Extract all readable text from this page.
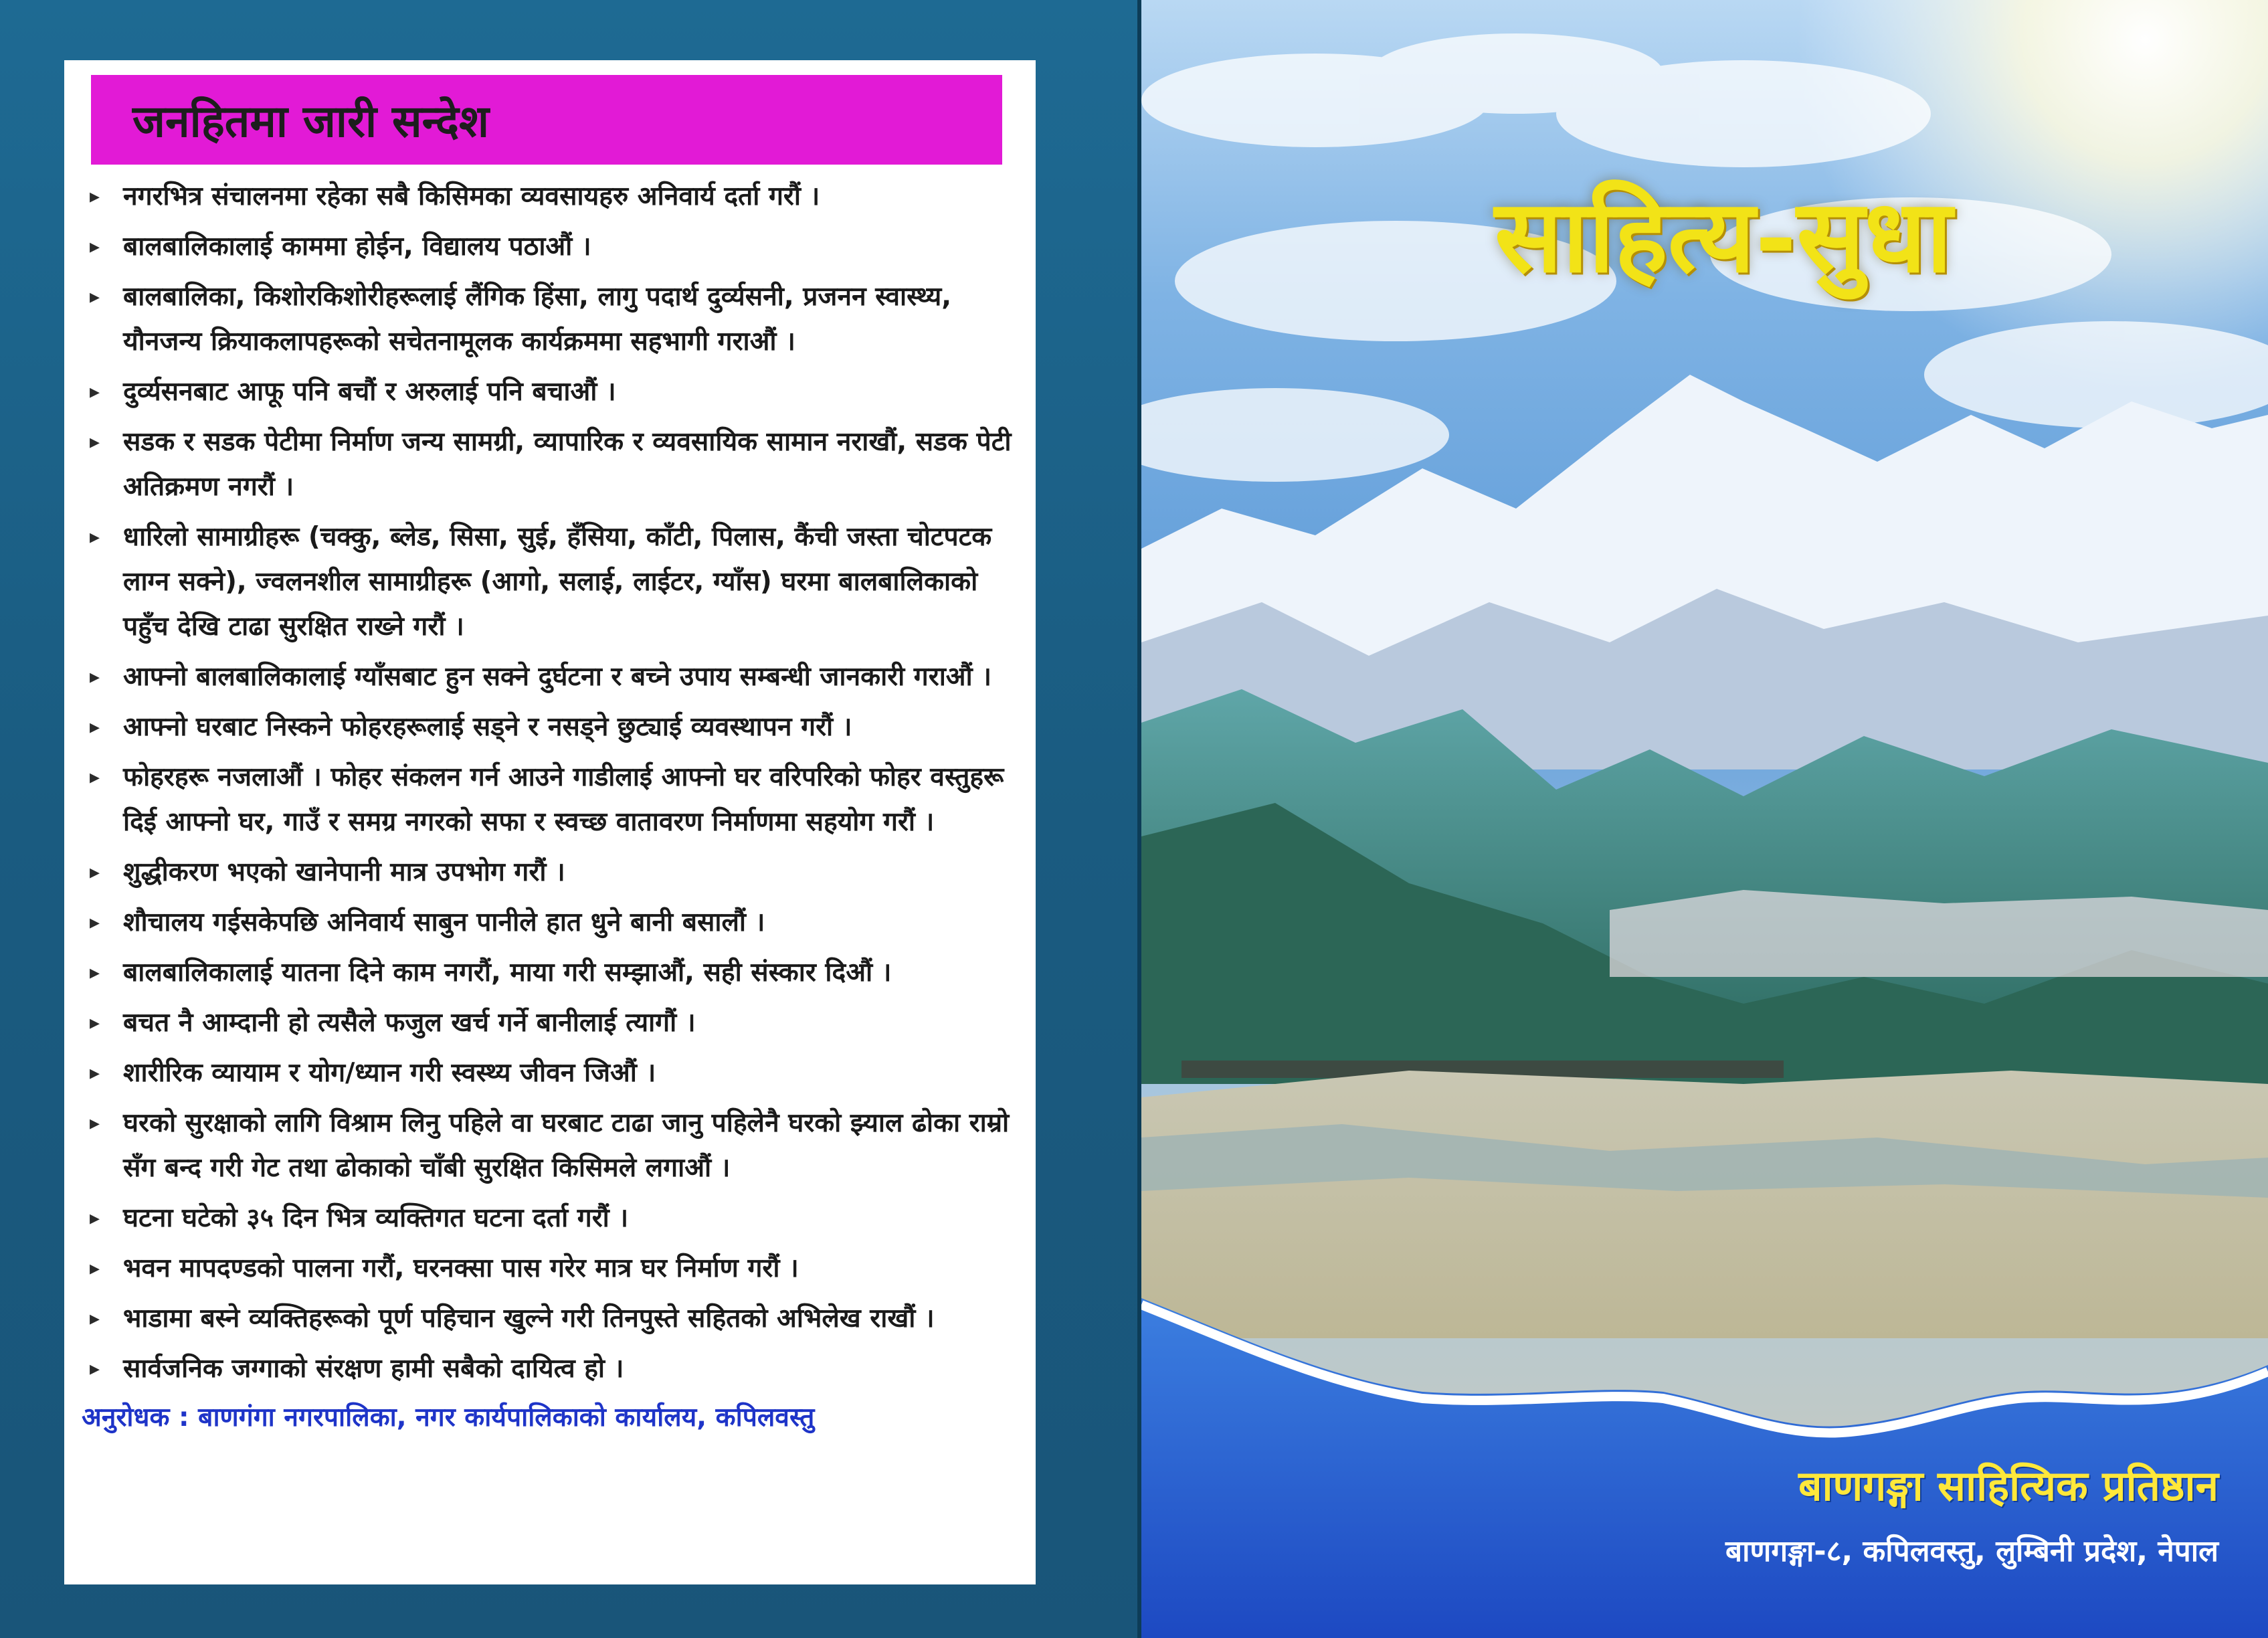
जनहितमा जारी सन्देश
▸ नगरभित्र संचालनमा रहेका सबै किसिमका व्यवसायहरु अनिवार्य दर्ता गरौं ।
▸ बालबालिकालाई काममा होईन, विद्यालय पठाऔं ।
▸ बालबालिका, किशोरकिशोरीहरूलाई लैंगिक हिंसा, लागु पदार्थ दुर्व्यसनी, प्रजनन स्वास्थ्य, यौनजन्य क्रियाकलापहरूको सचेतनामूलक कार्यक्रममा सहभागी गराऔं ।
▸ दुर्व्यसनबाट आफू पनि बचौं र अरुलाई पनि बचाऔं ।
▸ सडक र सडक पेटीमा निर्माण जन्य सामग्री, व्यापारिक र व्यवसायिक सामान नराखौं, सडक पेटी अतिक्रमण नगरौं ।
▸ धारिलो सामाग्रीहरू (चक्कु, ब्लेड, सिसा, सुई, हँसिया, काँटी, पिलास, कैंची जस्ता चोटपटक लाग्न सक्ने), ज्वलनशील सामाग्रीहरू (आगो, सलाई, लाईटर, ग्याँस) घरमा बालबालिकाको पहुँच देखि टाढा सुरक्षित राख्ने गरौं ।
▸ आफ्नो बालबालिकालाई ग्याँसबाट हुन सक्ने दुर्घटना र बच्ने उपाय सम्बन्धी जानकारी गराऔं ।
▸ आफ्नो घरबाट निस्कने फोहरहरूलाई सड्ने र नसड्ने छुट्याई व्यवस्थापन गरौं ।
▸ फोहरहरू नजलाऔं । फोहर संकलन गर्न आउने गाडीलाई आफ्नो घर वरिपरिको फोहर वस्तुहरू दिई आफ्नो घर, गाउँ र समग्र नगरको सफा र स्वच्छ वातावरण निर्माणमा सहयोग गरौं ।
▸ शुद्धीकरण भएको खानेपानी मात्र उपभोग गरौं ।
▸ शौचालय गईसकेपछि अनिवार्य साबुन पानीले हात धुने बानी बसालौं ।
▸ बालबालिकालाई यातना दिने काम नगरौं, माया गरी सम्झाऔं, सही संस्कार दिऔं ।
▸ बचत नै आम्दानी हो त्यसैले फजुल खर्च गर्ने बानीलाई त्यागौं ।
▸ शारीरिक व्यायाम र योग/ध्यान गरी स्वस्थ्य जीवन जिऔं ।
▸ घरको सुरक्षाको लागि विश्राम लिनु पहिले वा घरबाट टाढा जानु पहिलेनै घरको झ्याल ढोका राम्रो सँग बन्द गरी गेट तथा ढोकाको चाँबी सुरक्षित किसिमले लगाऔं ।
▸ घटना घटेको ३५ दिन भित्र व्यक्तिगत घटना दर्ता गरौं ।
▸ भवन मापदण्डको पालना गरौं, घरनक्सा पास गरेर मात्र घर निर्माण गरौं ।
▸ भाडामा बस्ने व्यक्तिहरूको पूर्ण पहिचान खुल्ने गरी तिनपुस्ते सहितको अभिलेख राखौं ।
▸ सार्वजनिक जग्गाको संरक्षण हामी सबैको दायित्व हो ।
अनुरोधक : बाणगंगा नगरपालिका, नगर कार्यपालिकाको कार्यालय, कपिलवस्तु
साहित्य-सुधा
बाणगङ्गा साहित्यिक प्रतिष्ठान
बाणगङ्गा-८, कपिलवस्तु, लुम्बिनी प्रदेश, नेपाल
